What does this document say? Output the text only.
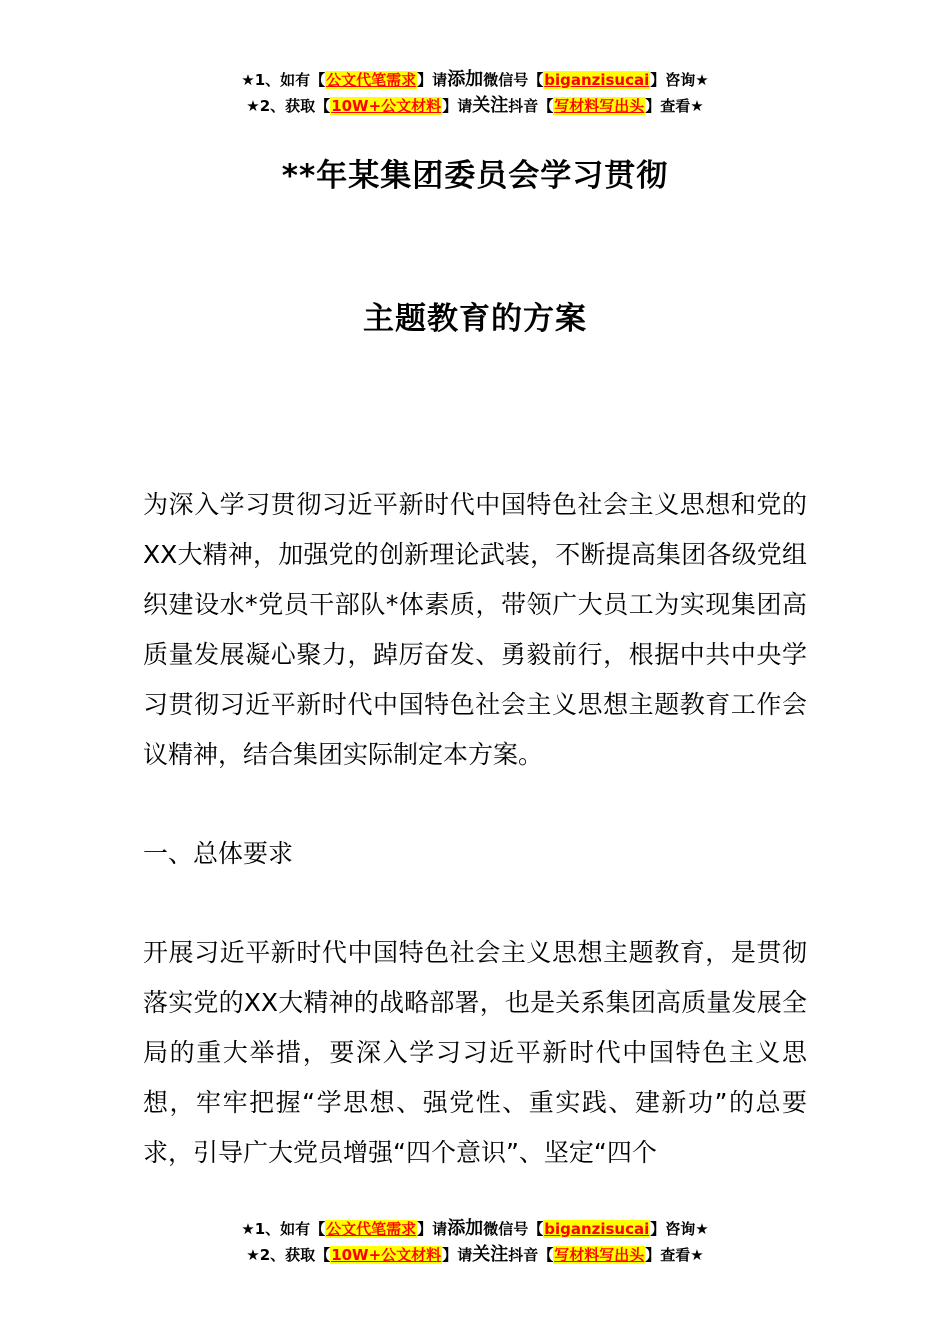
★1、如有【公文代笔需求】请添加微信号【biganzisucai】咨询★
★2、获取【10W+公文材料】请关注抖音【写材料写出头】查看★
**年某集团委员会学习贯彻
主题教育的方案
为深入学习贯彻习近平新时代中国特色社会主义思想和党的XX大精神，加强党的创新理论武装，不断提高集团各级党组织建设水*党员干部队*体素质，带领广大员工为实现集团高质量发展凝心聚力，踔厉奋发、勇毅前行，根据中共中央学习贯彻习近平新时代中国特色社会主义思想主题教育工作会议精神，结合集团实际制定本方案。
一、总体要求
开展习近平新时代中国特色社会主义思想主题教育，是贯彻落实党的XX大精神的战略部署，也是关系集团高质量发展全局的重大举措，要深入学习习近平新时代中国特色主义思想，牢牢把握“学思想、强党性、重实践、建新功”的总要求，引导广大党员增强“四个意识”、坚定“四个
★1、如有【公文代笔需求】请添加微信号【biganzisucai】咨询★
★2、获取【10W+公文材料】请关注抖音【写材料写出头】查看★
